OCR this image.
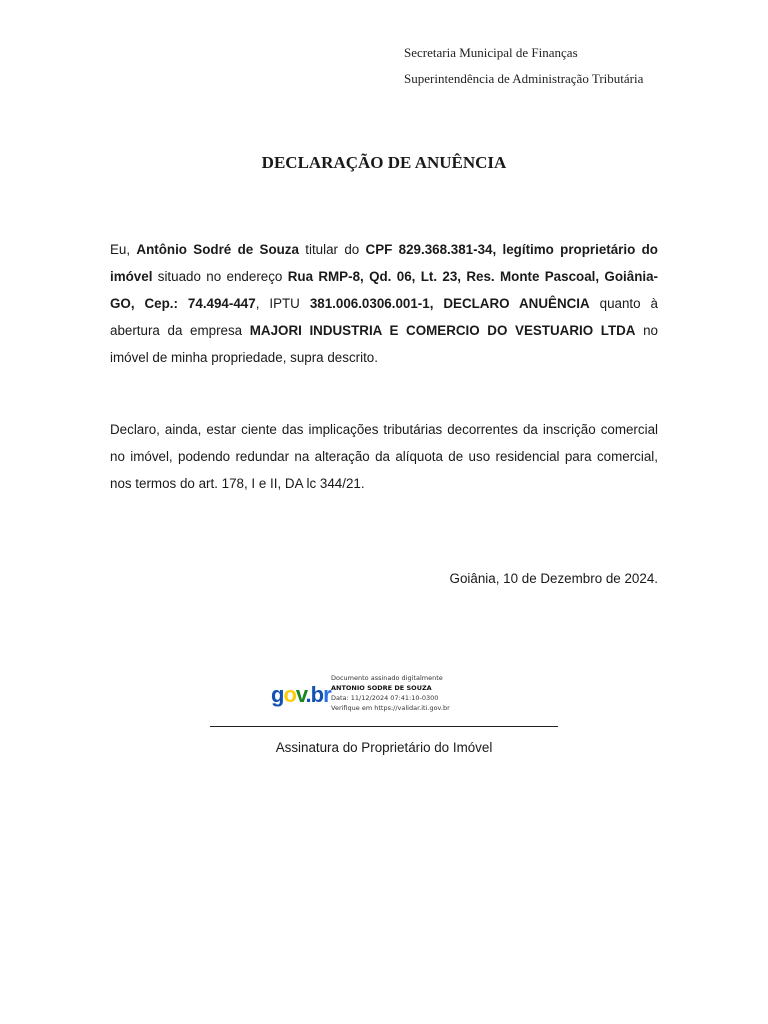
Secretaria Municipal de Finanças
Superintendência de Administração Tributária
DECLARAÇÃO DE ANUÊNCIA
Eu, Antônio Sodré de Souza titular do CPF 829.368.381-34, legítimo proprietário do imóvel situado no endereço Rua RMP-8, Qd. 06, Lt. 23, Res. Monte Pascoal, Goiânia-GO, Cep.: 74.494-447, IPTU 381.006.0306.001-1, DECLARO ANUÊNCIA quanto à abertura da empresa MAJORI INDUSTRIA E COMERCIO DO VESTUARIO LTDA no imóvel de minha propriedade, supra descrito.
Declaro, ainda, estar ciente das implicações tributárias decorrentes da inscrição comercial no imóvel, podendo redundar na alteração da alíquota de uso residencial para comercial, nos termos do art. 178, I e II, DA lc 344/21.
Goiânia, 10 de Dezembro de 2024.
gov.br
Documento assinado digitalmente
ANTONIO SODRE DE SOUZA
Data: 11/12/2024 07:41:10-0300
Verifique em https://validar.iti.gov.br
Assinatura do Proprietário do Imóvel
